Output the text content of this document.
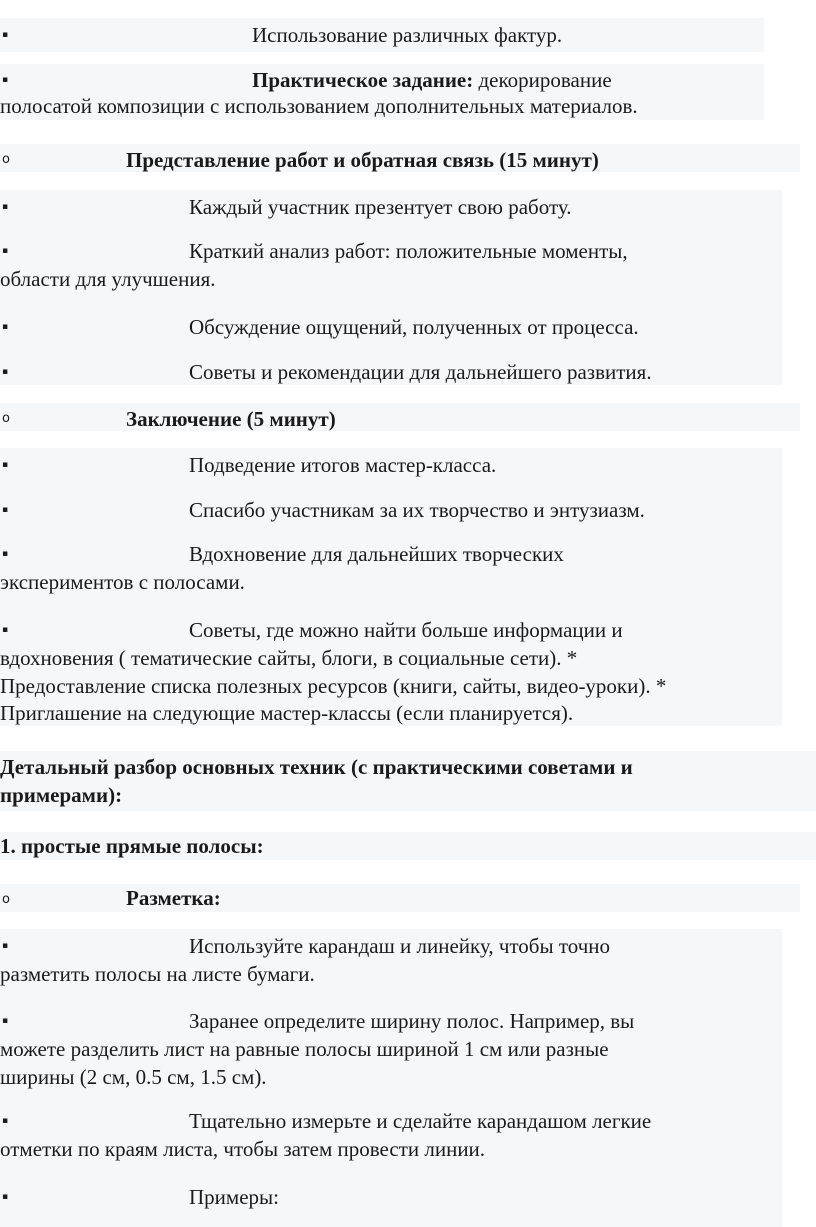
▪	Использование различных фактур.
▪	Практическое задание: декорирование
полосатой композиции с использованием дополнительных материалов.
o	Представление работ и обратная связь (15 минут)
▪	Каждый участник презентует свою работу.
▪	Краткий анализ работ: положительные моменты,
области для улучшения.
▪	Обсуждение ощущений, полученных от процесса.
▪	Советы и рекомендации для дальнейшего развития.
o	Заключение (5 минут)
▪	Подведение итогов мастер-класса.
▪	Спасибо участникам за их творчество и энтузиазм.
▪	Вдохновение для дальнейших творческих
экспериментов с полосами.
▪	Советы, где можно найти больше информации и
вдохновения ( тематические сайты, блоги, в социальные сети). *
Предоставление списка полезных ресурсов (книги, сайты, видео-уроки). *
Приглашение на следующие мастер-классы (если планируется).
Детальный разбор основных техник (с практическими советами и
примерами):
1. простые прямые полосы:
o	Разметка:
▪	Используйте карандаш и линейку, чтобы точно
разметить полосы на листе бумаги.
▪	Заранее определите ширину полос. Например, вы
можете разделить лист на равные полосы шириной 1 см или разные
ширины (2 см, 0.5 см, 1.5 см).
▪	Тщательно измерьте и сделайте карандашом легкие
отметки по краям листа, чтобы затем провести линии.
▪	Примеры:
